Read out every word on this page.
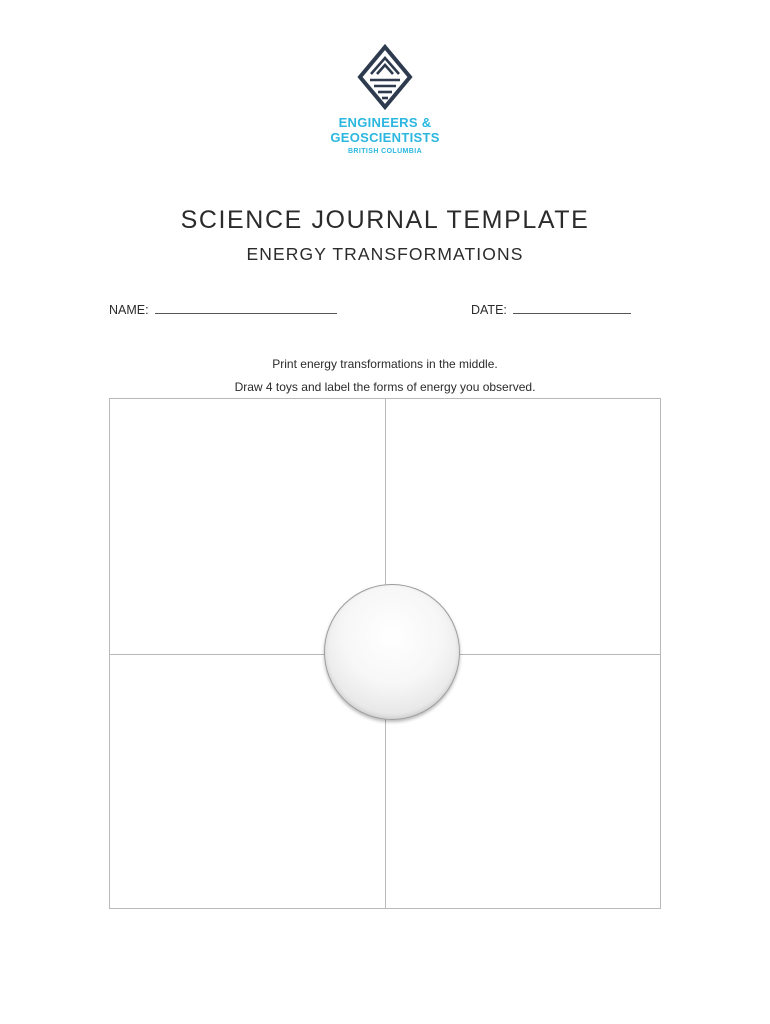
ENGINEERS &
GEOSCIENTISTS
BRITISH COLUMBIA
SCIENCE JOURNAL TEMPLATE
ENERGY TRANSFORMATIONS
NAME:	DATE:
Print energy transformations in the middle.
Draw 4 toys and label the forms of energy you observed.
